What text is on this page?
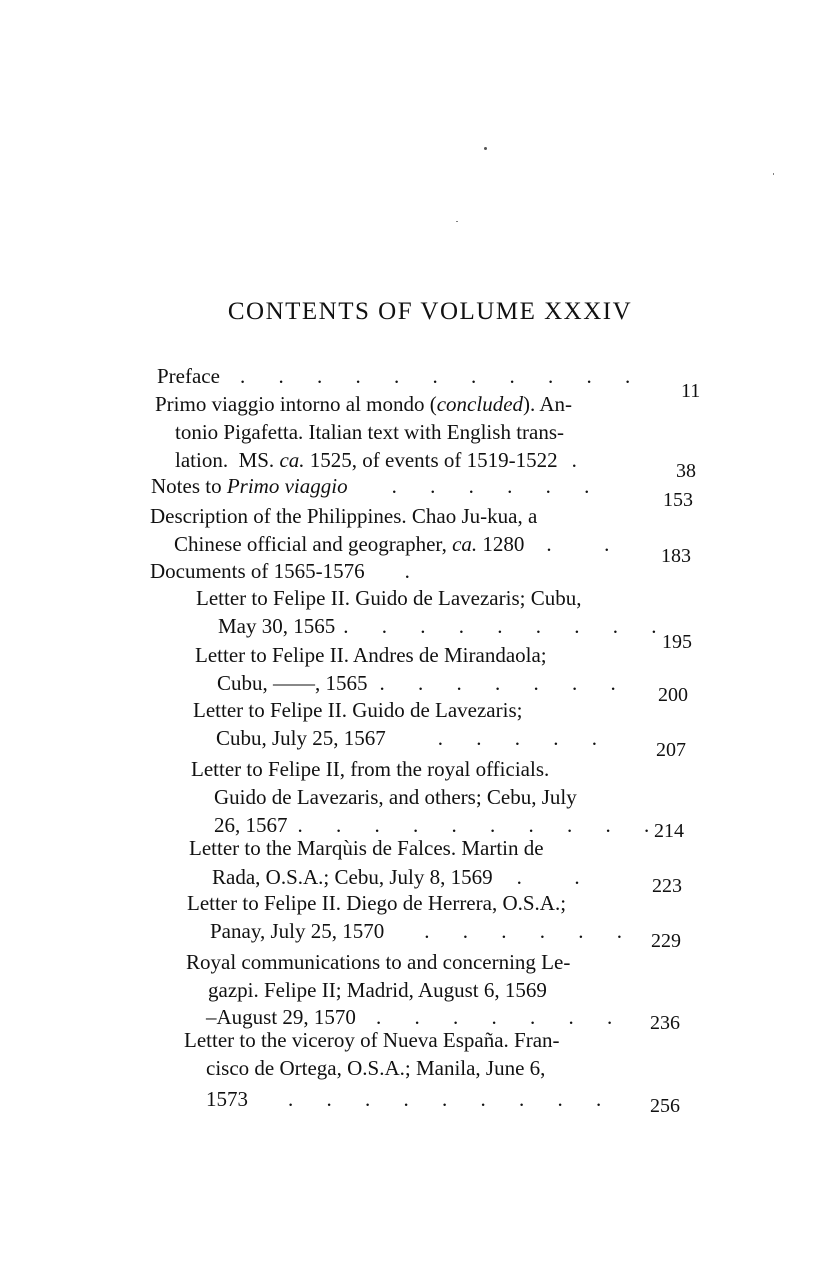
CONTENTS OF VOLUME XXXIV
Preface . . . . . . . . . . .
11
Primo viaggio intorno al mondo (concluded). An-
tonio Pigafetta. Italian text with English trans-
lation.  MS. ca. 1525, of events of 1519-1522 .	38
Notes to Primo viaggio . . . . . .
153
Description of the Philippines. Chao Ju-kua, a
Chinese official and geographer, ca. 1280 .  . 183
Documents of 1565-1576 .
Letter to Felipe II. Guido de Lavezaris; Cubu,
May 30, 1565 . . . . . . . . .
195
Letter to Felipe II. Andres de Mirandaola;
Cubu, ——, 1565 . . . . . . . 200
Letter to Felipe II. Guido de Lavezaris;
Cubu, July 25, 1567 . . . . . 207
Letter to Felipe II, from the royal officials.
Guido de Lavezaris, and others; Cebu, July
26, 1567 . . . . . . . . . .
214
Letter to the Marqùis de Falces. Martin de
Rada, O.S.A.; Cebu, July 8, 1569 .  .	223
Letter to Felipe II. Diego de Herrera, O.S.A.;
Panay, July 25, 1570 . . . . . . 229
Royal communications to and concerning Le-
gazpi. Felipe II; Madrid, August 6, 1569
–August 29, 1570 . . . . . . . 236
Letter to the viceroy of Nueva España. Fran-
cisco de Ortega, O.S.A.; Manila, June 6,
1573 . . . . . . . . . 256
